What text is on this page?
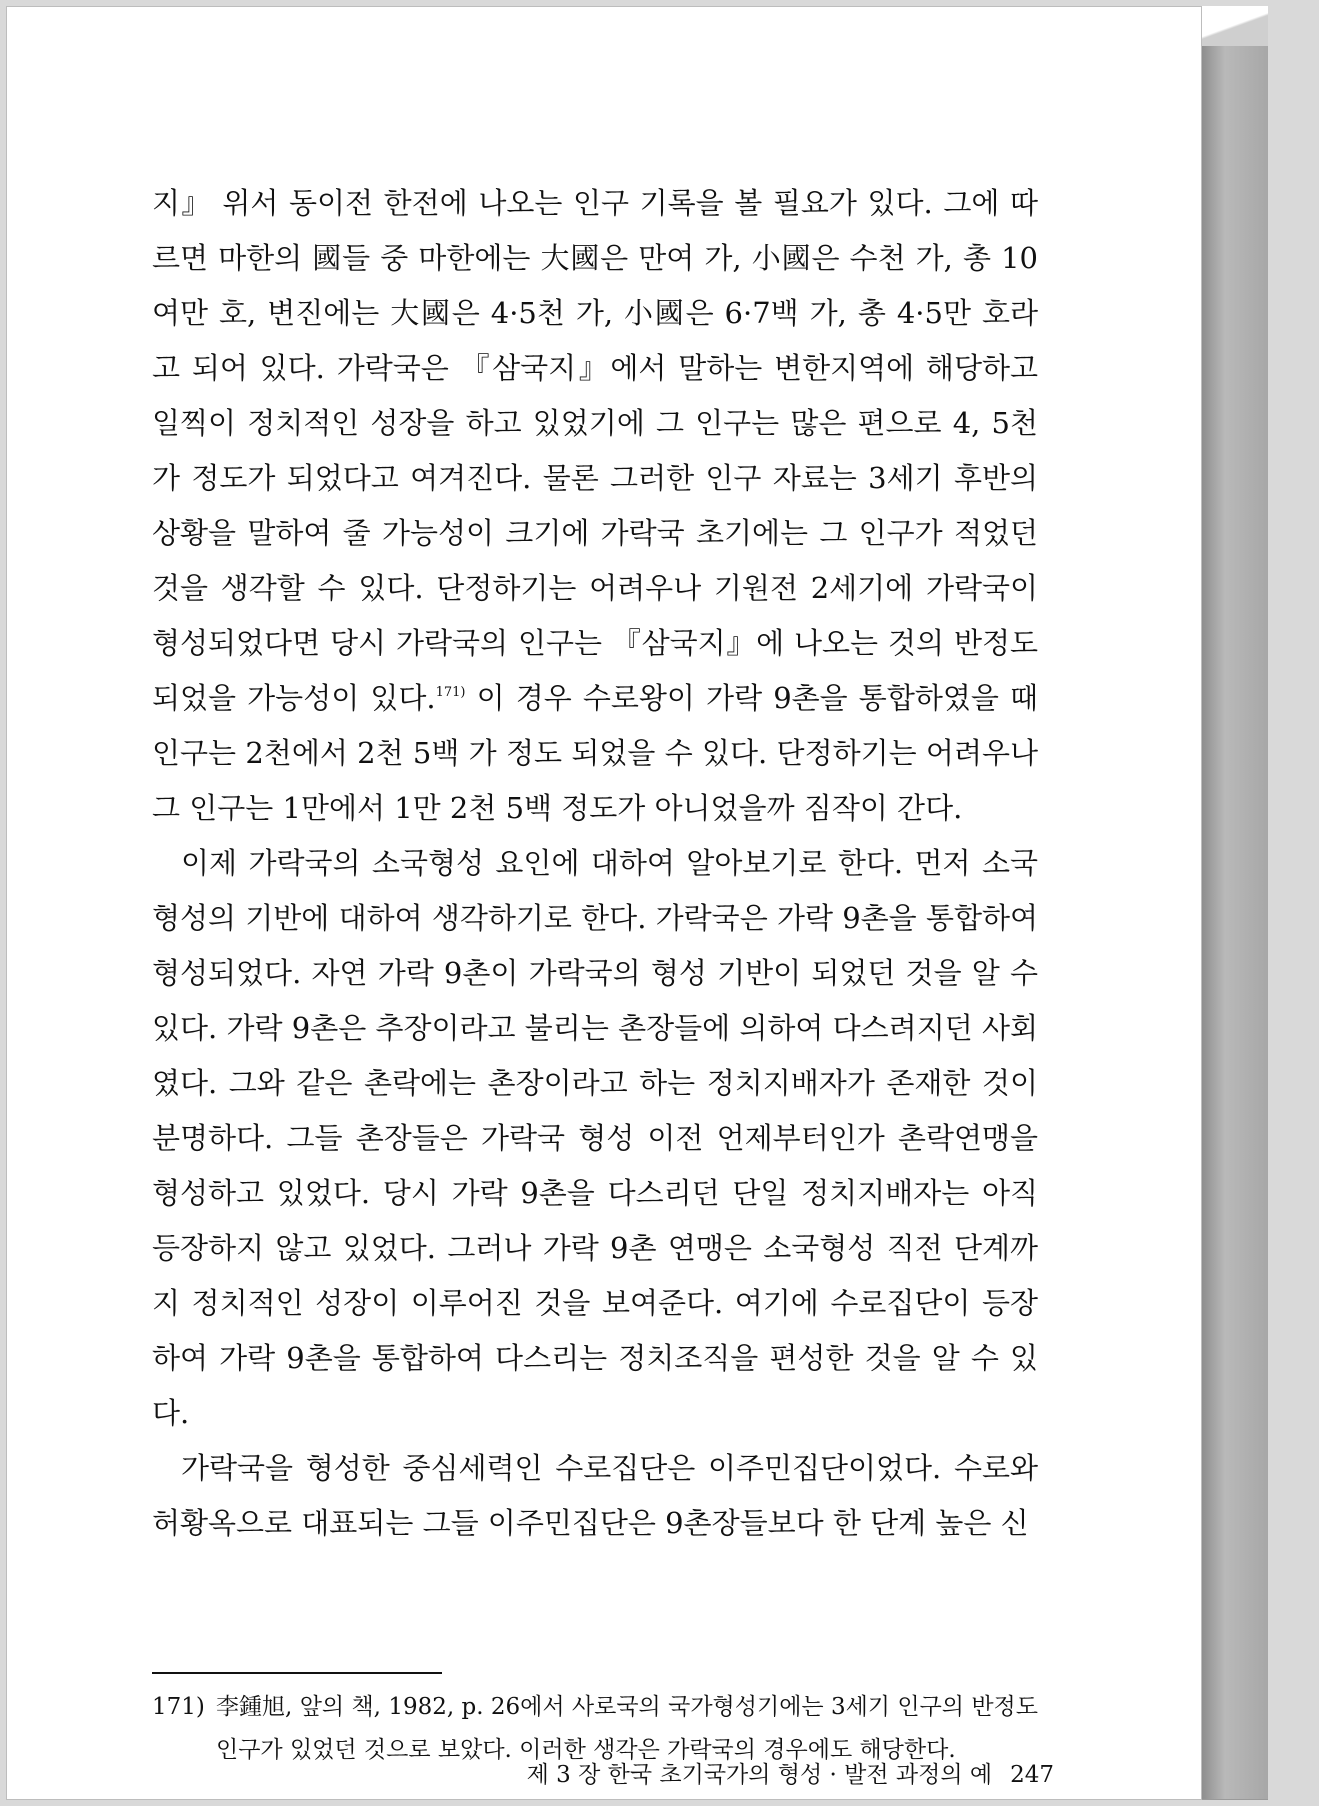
지』 위서 동이전 한전에 나오는 인구 기록을 볼 필요가 있다. 그에 따르면 마한의 國들 중 마한에는 大國은 만여 가, 小國은 수천 가, 총 10여만 호, 변진에는 大國은 4·5천 가, 小國은 6·7백 가, 총 4·5만 호라고 되어 있다. 가락국은 『삼국지』에서 말하는 변한지역에 해당하고 일찍이 정치적인 성장을 하고 있었기에 그 인구는 많은 편으로 4, 5천 가 정도가 되었다고 여겨진다. 물론 그러한 인구 자료는 3세기 후반의 상황을 말하여 줄 가능성이 크기에 가락국 초기에는 그 인구가 적었던 것을 생각할 수 있다. 단정하기는 어려우나 기원전 2세기에 가락국이 형성되었다면 당시 가락국의 인구는 『삼국지』에 나오는 것의 반정도 되었을 가능성이 있다.$^{171)}$ 이 경우 수로왕이 가락 9촌을 통합하였을 때 인구는 2천에서 2천 5백 가 정도 되었을 수 있다. 단정하기는 어려우나 그 인구는 1만에서 1만 2천 5백 정도가 아니었을까 짐작이 간다.

이제 가락국의 소국형성 요인에 대하여 알아보기로 한다. 먼저 소국형성의 기반에 대하여 생각하기로 한다. 가락국은 가락 9촌을 통합하여 형성되었다. 자연 가락 9촌이 가락국의 형성 기반이 되었던 것을 알 수 있다. 가락 9촌은 추장이라고 불리는 촌장들에 의하여 다스려지던 사회였다. 그와 같은 촌락에는 촌장이라고 하는 정치지배자가 존재한 것이 분명하다. 그들 촌장들은 가락국 형성 이전 언제부터인가 촌락연맹을 형성하고 있었다. 당시 가락 9촌을 다스리던 단일 정치지배자는 아직 등장하지 않고 있었다. 그러나 가락 9촌 연맹은 소국형성 직전 단계까지 정치적인 성장이 이루어진 것을 보여준다. 여기에 수로집단이 등장하여 가락 9촌을 통합하여 다스리는 정치조직을 편성한 것을 알 수 있다.

가락국을 형성한 중심세력인 수로집단은 이주민집단이었다. 수로와 허황옥으로 대표되는 그들 이주민집단은 9촌장들보다 한 단계 높은 신

171) 李鍾旭, 앞의 책, 1982, p. 26에서 사로국의 국가형성기에는 3세기 인구의 반정도 인구가 있었던 것으로 보았다. 이러한 생각은 가락국의 경우에도 해당한다.
제 3 장 한국 초기국가의 형성 · 발전 과정의 예 247
